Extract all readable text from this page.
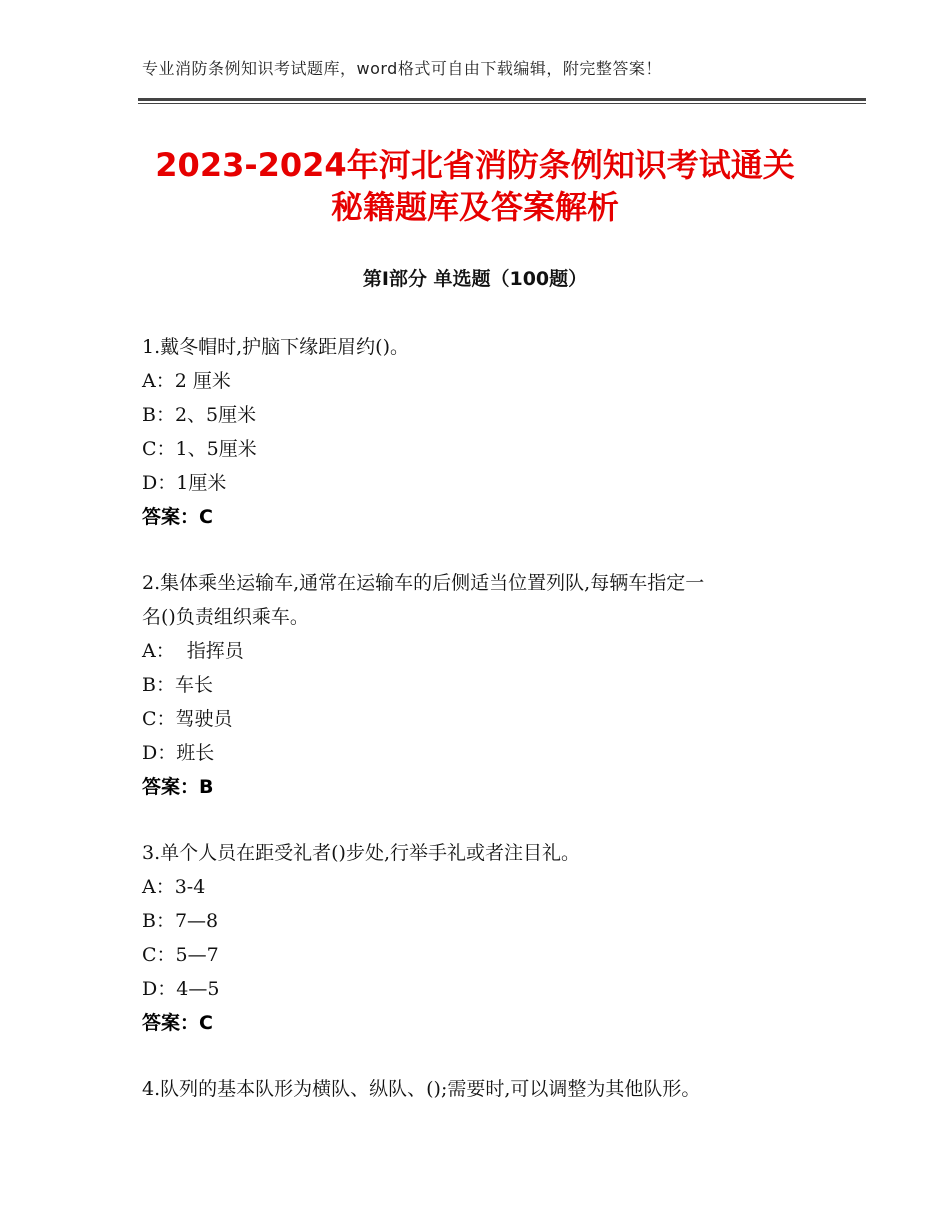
专业消防条例知识考试题库，word格式可自由下载编辑，附完整答案！
2023-2024年河北省消防条例知识考试通关
秘籍题库及答案解析
第Ⅰ部分 单选题（100题）
1.戴冬帽时,护脑下缘距眉约()。
A：2 厘米
B：2、5厘米
C：1、5厘米
D：1厘米
答案：C
2.集体乘坐运输车,通常在运输车的后侧适当位置列队,每辆车指定一
名()负责组织乘车。
A：  指挥员
B：车长
C：驾驶员
D：班长
答案：B
3.单个人员在距受礼者()步处,行举手礼或者注目礼。
A：3-4
B：7—8
C：5—7
D：4—5
答案：C
4.队列的基本队形为横队、纵队、();需要时,可以调整为其他队形。
